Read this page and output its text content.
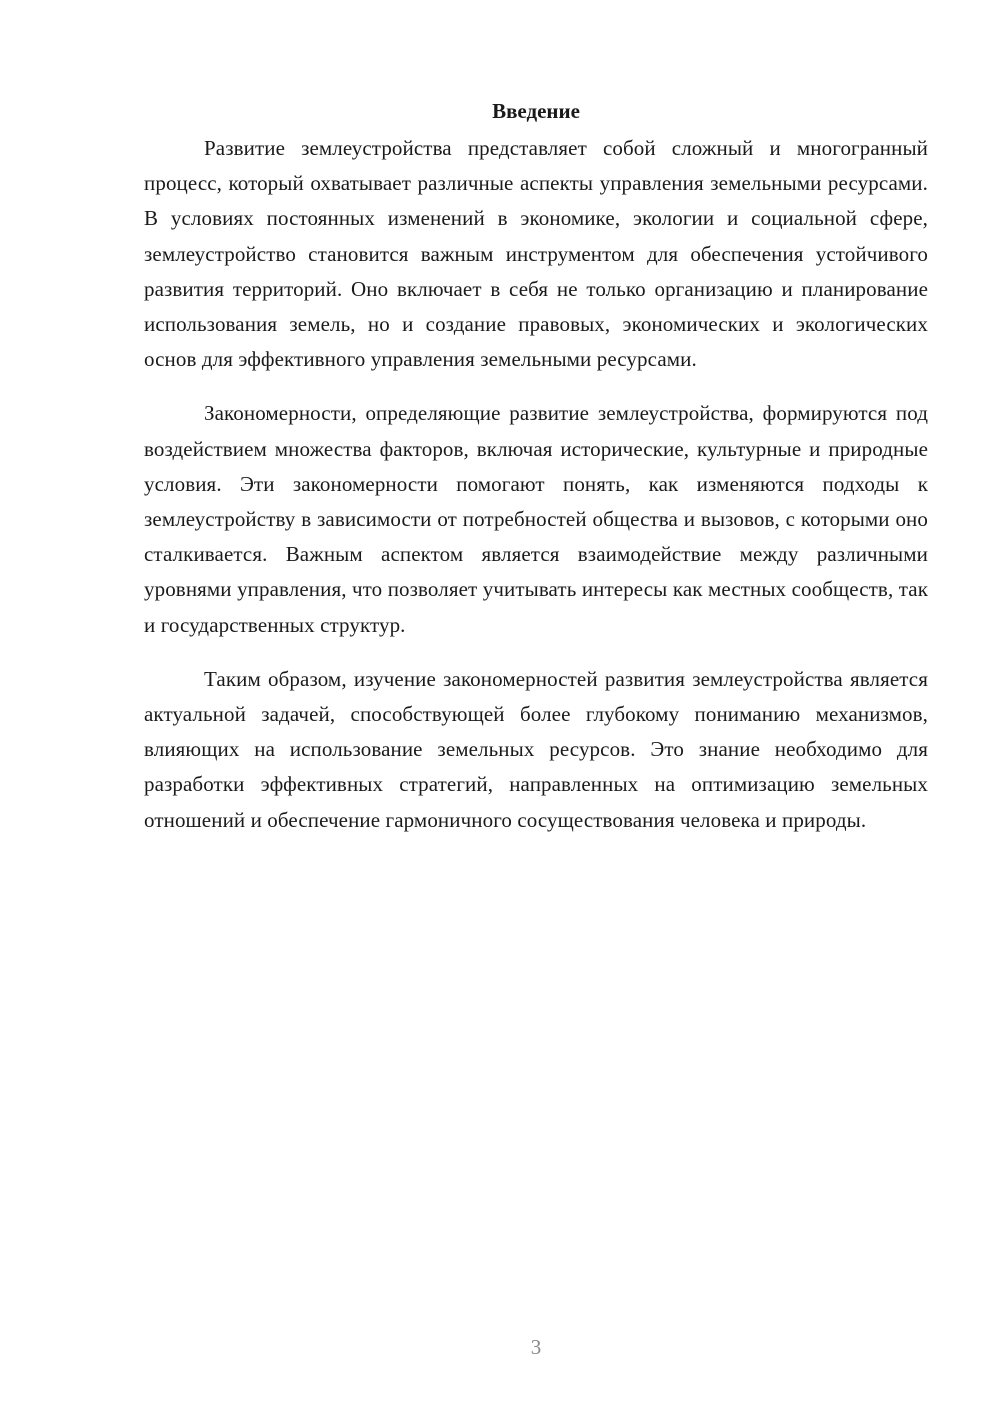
Введение

Развитие землеустройства представляет собой сложный и многогранный процесс, который охватывает различные аспекты управления земельными ресурсами. В условиях постоянных изменений в экономике, экологии и социальной сфере, землеустройство становится важным инструментом для обеспечения устойчивого развития территорий. Оно включает в себя не только организацию и планирование использования земель, но и создание правовых, экономических и экологических основ для эффективного управления земельными ресурсами.

Закономерности, определяющие развитие землеустройства, формируются под воздействием множества факторов, включая исторические, культурные и природные условия. Эти закономерности помогают понять, как изменяются подходы к землеустройству в зависимости от потребностей общества и вызовов, с которыми оно сталкивается. Важным аспектом является взаимодействие между различными уровнями управления, что позволяет учитывать интересы как местных сообществ, так и государственных структур.

Таким образом, изучение закономерностей развития землеустройства является актуальной задачей, способствующей более глубокому пониманию механизмов, влияющих на использование земельных ресурсов. Это знание необходимо для разработки эффективных стратегий, направленных на оптимизацию земельных отношений и обеспечение гармоничного сосуществования человека и природы.

3
